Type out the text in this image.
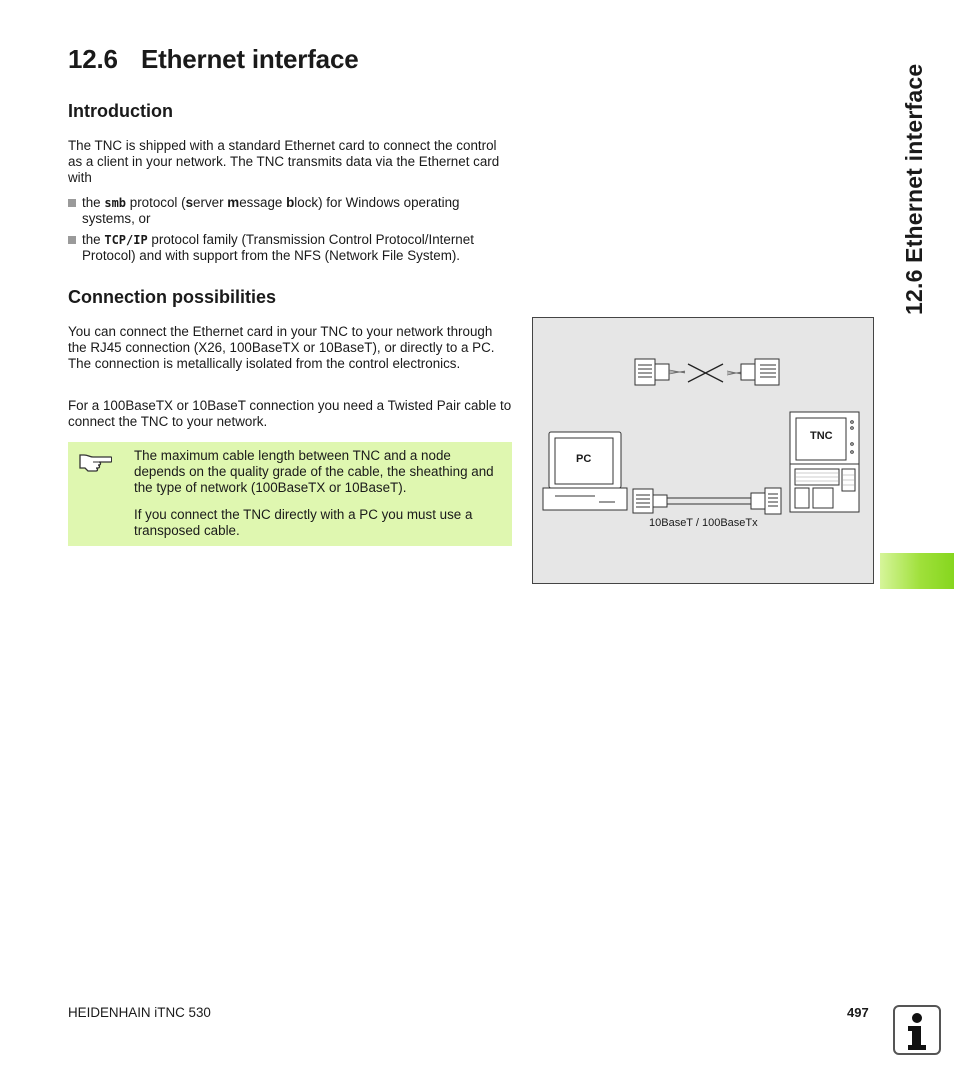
12.6 Ethernet interface
Introduction

The TNC is shipped with a standard Ethernet card to connect the control as a client in your network. The TNC transmits data via the Ethernet card with

the smb protocol (server message block) for Windows operating systems, or
the TCP/IP protocol family (Transmission Control Protocol/Internet Protocol) and with support from the NFS (Network File System).
Connection possibilities

You can connect the Ethernet card in your TNC to your network through the RJ45 connection (X26, 100BaseTX or 10BaseT), or directly to a PC. The connection is metallically isolated from the control electronics.

For a 100BaseTX or 10BaseT connection you need a Twisted Pair cable to connect the TNC to your network.

The maximum cable length between TNC and a node depends on the quality grade of the cable, the sheathing and the type of network (100BaseTX or 10BaseT).

If you connect the TNC directly with a PC you must use a transposed cable.

PC
TNC
10BaseT / 100BaseTx
12.6 Ethernet interface
HEIDENHAIN iTNC 530	497
